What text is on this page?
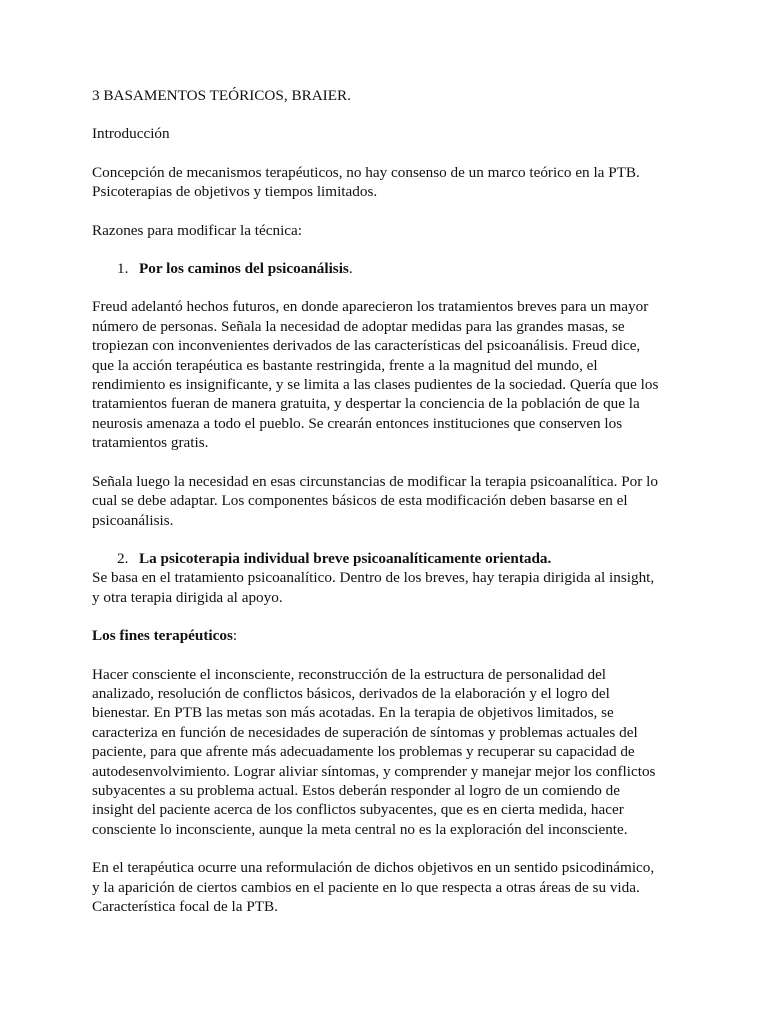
3 BASAMENTOS TEÓRICOS, BRAIER.

Introducción

Concepción de mecanismos terapéuticos, no hay consenso de un marco teórico en la PTB.

Psicoterapias de objetivos y tiempos limitados.

Razones para modificar la técnica:

1. Por los caminos del psicoanálisis.

Freud adelantó hechos futuros, en donde aparecieron los tratamientos breves para un mayor

número de personas. Señala la necesidad de adoptar medidas para las grandes masas, se

tropiezan con inconvenientes derivados de las características del psicoanálisis. Freud dice,

que la acción terapéutica es bastante restringida, frente a la magnitud del mundo, el

rendimiento es insignificante, y se limita a las clases pudientes de la sociedad. Quería que los

tratamientos fueran de manera gratuita, y despertar la conciencia de la población de que la

neurosis amenaza a todo el pueblo. Se crearán entonces instituciones que conserven los

tratamientos gratis.

Señala luego la necesidad en esas circunstancias de modificar la terapia psicoanalítica. Por lo

cual se debe adaptar. Los componentes básicos de esta modificación deben basarse en el

psicoanálisis.

2. La psicoterapia individual breve psicoanalíticamente orientada.

Se basa en el tratamiento psicoanalítico. Dentro de los breves, hay terapia dirigida al insight,

y otra terapia dirigida al apoyo.

Los fines terapéuticos:

Hacer consciente el inconsciente, reconstrucción de la estructura de personalidad del

analizado, resolución de conflictos básicos, derivados de la elaboración y el logro del

bienestar. En PTB las metas son más acotadas. En la terapia de objetivos limitados, se

caracteriza en función de necesidades de superación de síntomas y problemas actuales del

paciente, para que afrente más adecuadamente los problemas y recuperar su capacidad de

autodesenvolvimiento. Lograr aliviar síntomas, y comprender y manejar mejor los conflictos

subyacentes a su problema actual. Estos deberán responder al logro de un comiendo de

insight del paciente acerca de los conflictos subyacentes, que es en cierta medida, hacer

consciente lo inconsciente, aunque la meta central no es la exploración del inconsciente.

En el terapéutica ocurre una reformulación de dichos objetivos en un sentido psicodinámico,

y la aparición de ciertos cambios en el paciente en lo que respecta a otras áreas de su vida.

Característica focal de la PTB.
